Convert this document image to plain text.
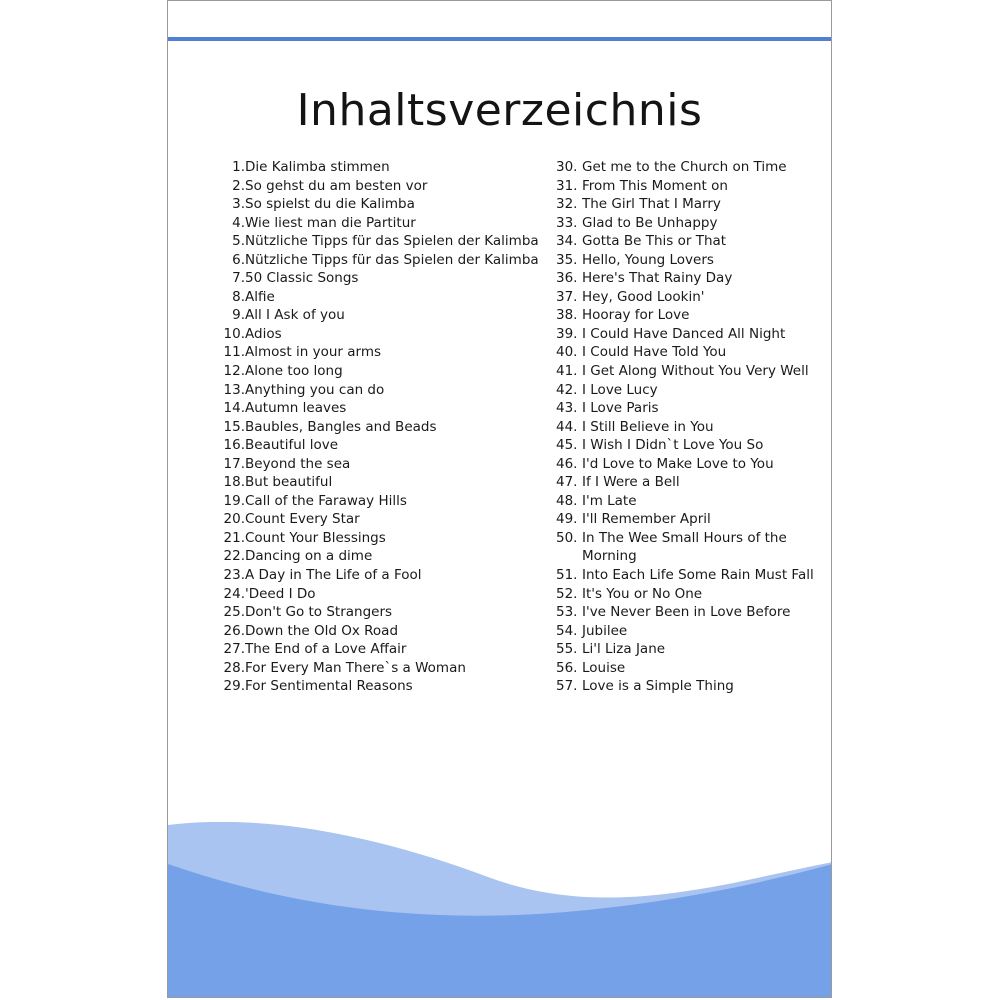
Inhaltsverzeichnis
1. Die Kalimba stimmen
2. So gehst du am besten vor
3. So spielst du die Kalimba
4. Wie liest man die Partitur
5. Nützliche Tipps für das Spielen der Kalimba
6. Nützliche Tipps für das Spielen der Kalimba
7. 50 Classic Songs
8. Alfie
9. All I Ask of you
10. Adios
11. Almost in your arms
12. Alone too long
13. Anything you can do
14. Autumn leaves
15. Baubles, Bangles and Beads
16. Beautiful love
17. Beyond the sea
18. But beautiful
19. Call of the Faraway Hills
20. Count Every Star
21. Count Your Blessings
22. Dancing on a dime
23. A Day in The Life of a Fool
24. 'Deed I Do
25. Don't Go to Strangers
26. Down the Old Ox Road
27. The End of a Love Affair
28. For Every Man There`s a Woman
29. For Sentimental Reasons
30. Get me to the Church on Time
31. From This Moment on
32. The Girl That I Marry
33. Glad to Be Unhappy
34. Gotta Be This or That
35. Hello, Young Lovers
36. Here's That Rainy Day
37. Hey, Good Lookin'
38. Hooray for Love
39. I Could Have Danced All Night
40. I Could Have Told You
41. I Get Along Without You Very Well
42. I Love Lucy
43. I Love Paris
44. I Still Believe in You
45. I Wish I Didn`t Love You So
46. I'd Love to Make Love to You
47. If I Were a Bell
48. I'm Late
49. I'll Remember April
50. In The Wee Small Hours of the Morning
51. Into Each Life Some Rain Must Fall
52. It's You or No One
53. I've Never Been in Love Before
54. Jubilee
55. Li'l Liza Jane
56. Louise
57. Love is a Simple Thing
